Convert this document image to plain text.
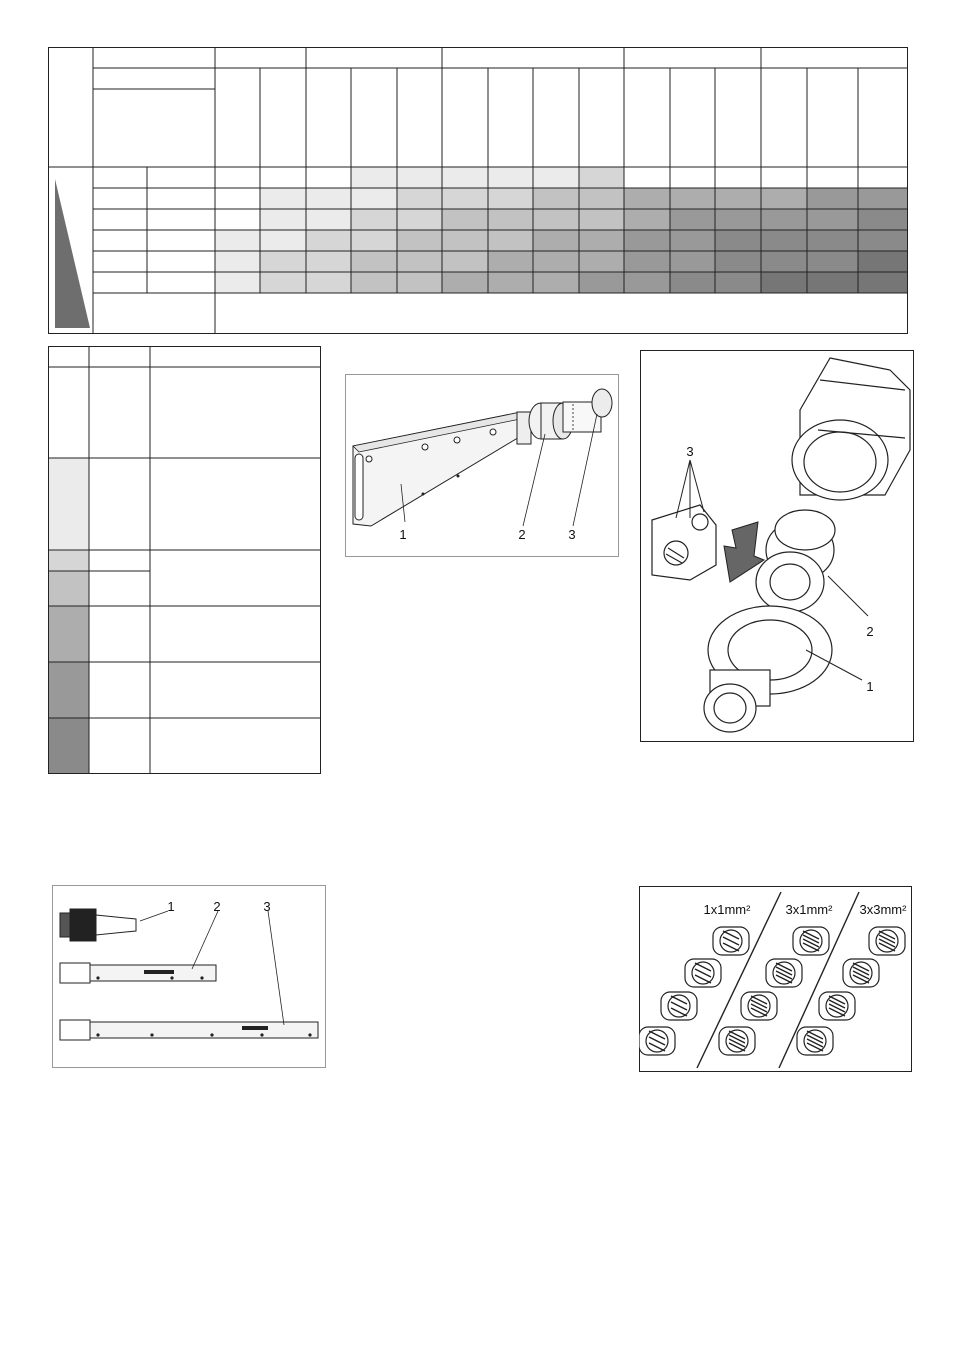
1	2	3
3
2
1
1	2	3	1x1mm²	3x1mm² 3x3mm²
